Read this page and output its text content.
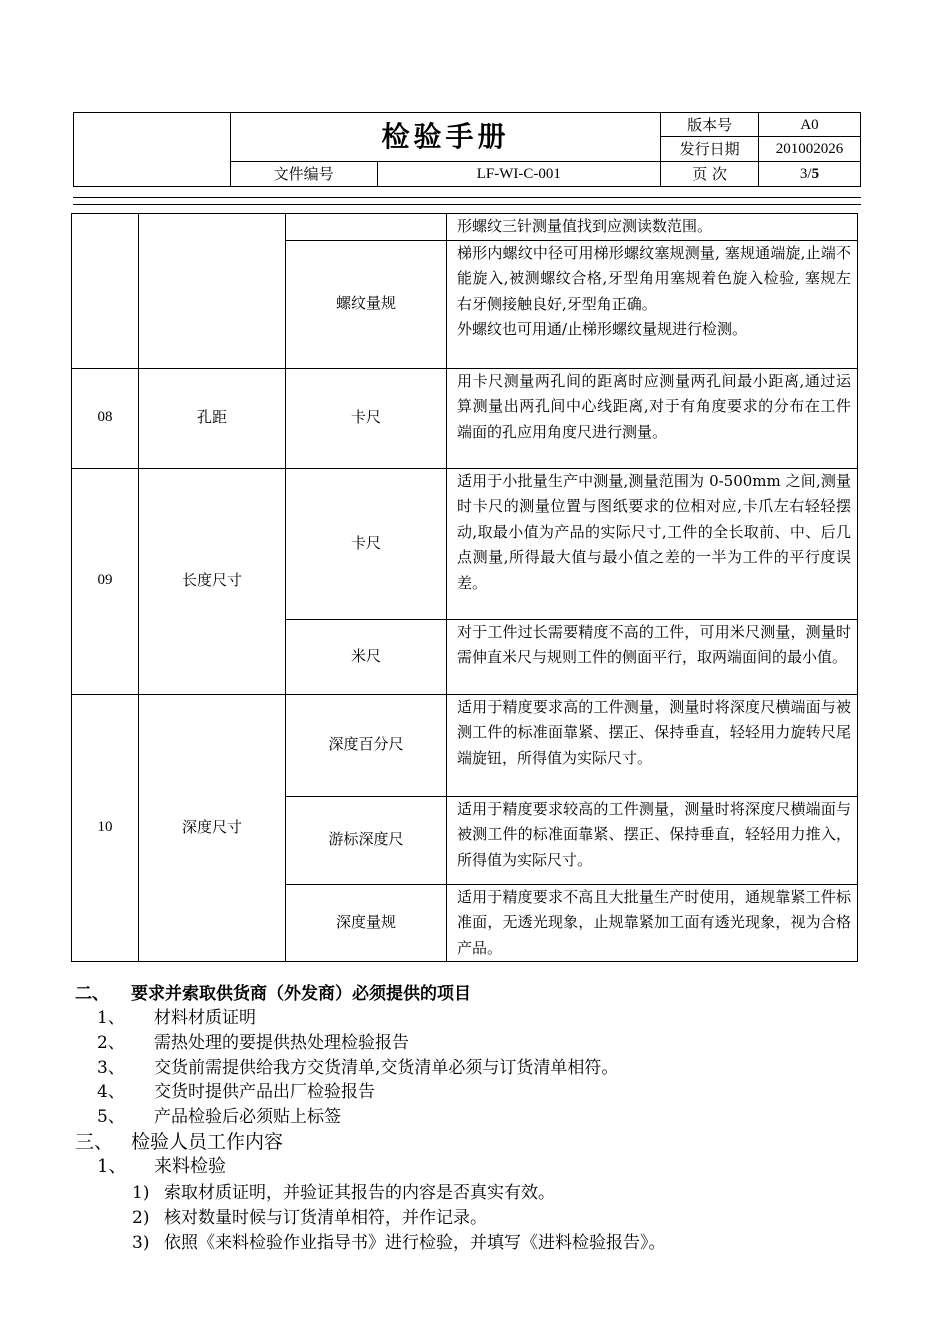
	检验手册		版本号	A0
			发行日期	201002026
	文件编号	LF-WI-C-001	页 次	3/5
			形螺纹三针测量值找到应测读数范围。
		螺纹量规	梯形内螺纹中径可用梯形螺纹塞规测量, 塞规通端旋,止端不能旋入,被测螺纹合格,牙型角用塞规着色旋入检验, 塞规左右牙侧接触良好,牙型角正确。
外螺纹也可用通/止梯形螺纹量规进行检测。

08	孔距	卡尺	用卡尺测量两孔间的距离时应测量两孔间最小距离,通过运算测量出两孔间中心线距离,对于有角度要求的分布在工件端面的孔应用角度尺进行测量。
09	长度尺寸	卡尺	适用于小批量生产中测量,测量范围为 0-500mm 之间,测量时卡尺的测量位置与图纸要求的位相对应,卡爪左右轻轻摆动,取最小值为产品的实际尺寸,工件的全长取前、中、后几点测量,所得最大值与最小值之差的一半为工件的平行度误差。
		米尺	对于工件过长需要精度不高的工件，可用米尺测量，测量时需伸直米尺与规则工件的侧面平行，取两端面间的最小值。
10	深度尺寸	深度百分尺	适用于精度要求高的工件测量，测量时将深度尺横端面与被测工件的标准面靠紧、摆正、保持垂直，轻轻用力旋转尺尾端旋钮，所得值为实际尺寸。
		游标深度尺	适用于精度要求较高的工件测量，测量时将深度尺横端面与被测工件的标准面靠紧、摆正、保持垂直，轻轻用力推入，所得值为实际尺寸。
		深度量规	适用于精度要求不高且大批量生产时使用，通规靠紧工件标准面，无透光现象，止规靠紧加工面有透光现象，视为合格产品。
二、 要求并索取供货商（外发商）必须提供的项目
1、 材料材质证明
2、 需热处理的要提供热处理检验报告
3、 交货前需提供给我方交货清单,交货清单必须与订货清单相符。
4、 交货时提供产品出厂检验报告
5、 产品检验后必须贴上标签
三、 检验人员工作内容
1、 来料检验
1) 索取材质证明，并验证其报告的内容是否真实有效。
2) 核对数量时候与订货清单相符，并作记录。
3) 依照《来料检验作业指导书》进行检验，并填写《进料检验报告》。
